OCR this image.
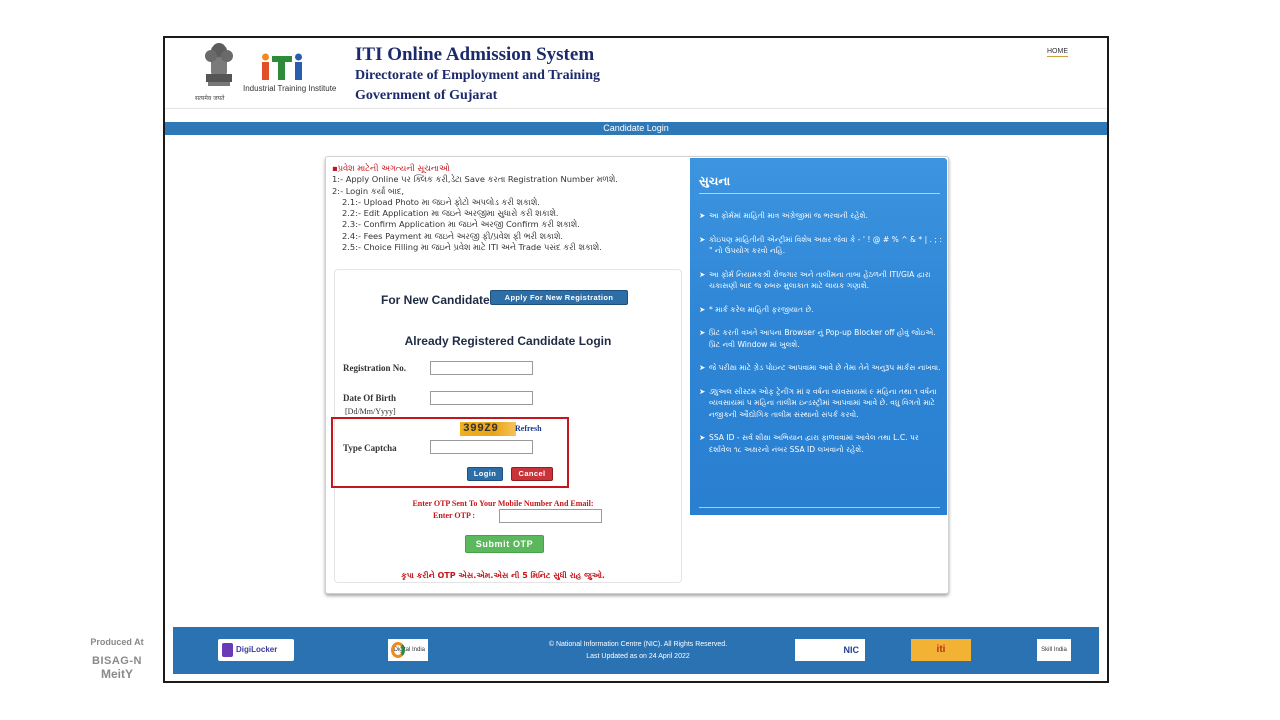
सत्यमेव जयते
Industrial Training Institute
ITI Online Admission System
Directorate of Employment and Training
Government of Gujarat
HOME
Candidate Login
▪પ્રવેશ માટેની અગત્યની સૂચનાઓ
1:- Apply Online પર ક્લિક કરી,ડેટા Save કરતા Registration Number મળશે.
2:- Login કર્યા બાદ,
2.1:- Upload Photo મા જઇને ફોટો અપલોડ કરી શકાશે.
2.2:- Edit Application મા જઇને અરજીમા સુધારો કરી શકાશે.
2.3:- Confirm Application મા જઇને અરજી Confirm કરી શકાશે.
2.4:- Fees Payment મા જઇને અરજી ફી/પ્રવેશ ફી ભરી શકાશે.
2.5:- Choice Filling મા જઇને પ્રવેશ માટે ITI અને Trade પસંદ કરી શકાશે.
For New Candidate	Apply For New Registration
Already Registered Candidate Login
Registration No.
Date Of Birth
[Dd/Mm/Yyyy]
399Z9	Refresh
Type Captcha
Login	Cancel
Enter OTP Sent To Your Mobile Number And Email:
Enter OTP :
Submit OTP
કૃપા કરીને OTP એસ.એમ.એસ ની 5 મિનિટ સુધી રાહ જુઓ.
સુચના
➤ આ ફોર્મમાં માહિતી માત્ર અંગ્રેજીમાં જ ભરવાની રહેશે.
➤ કોઇપણ માહિતીની એન્ટ્રીમાં વિશેષ અક્ષર જેવા કે - ' ! @ # % ^ & * | . ; : " નો ઉપયોગ કરવો નહિ.
➤ આ ફોર્મ નિયામકશ્રી રોજગાર અને તાલીમના તાબા હેઠળની ITI/GIA દ્વારા ચકાસણી બાદ જ રુબરુ મુલાકાત માટે લાયક ગણાશે.
➤ * માર્ક કરેલ માહિતી ફરજીયાત છે.
➤ પ્રિંટ કરતી વખતે આપના Browser નું Pop-up Blocker off હોવું જોઇએ. પ્રિંટ નવી Window માં ખુલશે.
➤ જે પરીક્ષા માટે ગ્રેડ પોઇન્ટ આપવામા આવે છે તેમા તેને અનુરૂપ માર્કસ નાખવા.
➤ ડ્યુઅલ સીસ્ટમ ઓફ ટ્રેનીંગ માં ૨ વર્ષના વ્યવસાયમાં ૯ મહિના તથા ૧ વર્ષના વ્યવસાયમાં ૫ મહિના તાલીમ ઇન્ડસ્ટ્રીમાં આપવામાં આવે છે. વધુ વિગતો માટે નજીકની ઔદ્યોગિક તાલીમ સંસ્થાનો સંપર્ક કરવો.
➤ SSA ID - સર્વ શીક્ષા અભિયાન દ્વારા ફાળવવામાં આવેલ તથા L.C. પર દર્શાવેલ ૧૮ અક્ષરનો નંબર SSA ID લખવાનો રહેશે.
DigiLocker	Digital India
© National Information Centre (NIC). All Rights Reserved.
Last Updated as on 24 April 2022
NIC	iti	Skill India
Produced At
BISAG-N
MeitY
